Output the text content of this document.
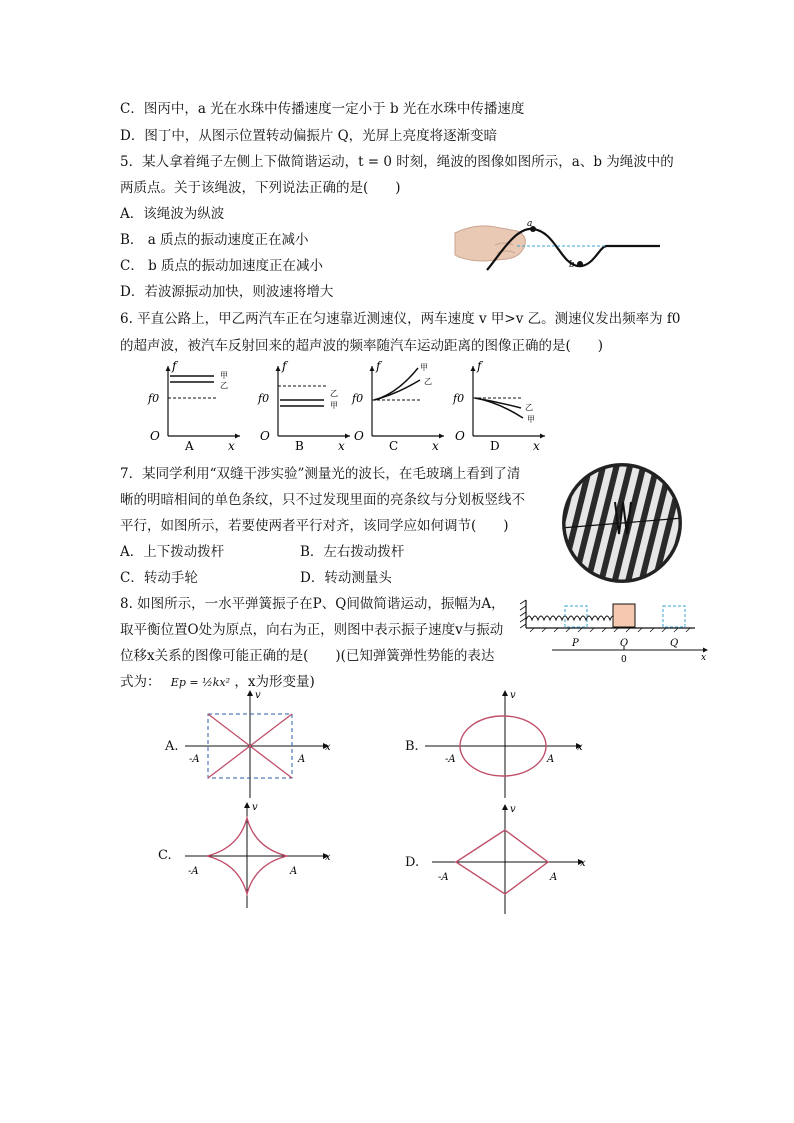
C．图丙中，a 光在水珠中传播速度一定小于 b 光在水珠中传播速度
D．图丁中，从图示位置转动偏振片 Q，光屏上亮度将逐渐变暗
5．某人拿着绳子左侧上下做简谐运动，t = 0 时刻，绳波的图像如图所示，a、b 为绳波中的
两质点。关于该绳波，下列说法正确的是(　　)
A．该绳波为纵波
B． a 质点的振动速度正在减小
C． b 质点的振动加速度正在减小
D．若波源振动加快，则波速将增大
a
b
6. 平直公路上，甲乙两汽车正在匀速靠近测速仪，两车速度 v 甲>v 乙。测速仪发出频率为 f0
的超声波，被汽车反射回来的超声波的频率随汽车运动距离的图像正确的是(　　)
甲
乙
f
f0
O
x
A
乙
甲
f
f0
O
x
B
甲
乙
f
f0
O
x
C
乙
甲
f
f0
O
x
D
7．某同学利用“双缝干涉实验”测量光的波长，在毛玻璃上看到了清
晰的明暗相间的单色条纹，只不过发现里面的亮条纹与分划板竖线不
平行，如图所示，若要使两者平行对齐，该同学应如何调节(　　)
A．上下拨动拨杆	B．左右拨动拨杆
C．转动手轮	D．转动测量头
8. 如图所示，一水平弹簧振子在P、Q间做简谐运动，振幅为A，
取平衡位置O处为原点，向右为正，则图中表示振子速度v与振动
位移x关系的图像可能正确的是(　　)(已知弹簧弹性势能的表达
式为： Ep = ½kx² ，x为形变量)
P	O	Q
0	x
A.
v
x
-A	A
B.
v
x
-A	A
C.
v
x
-A	A
D.
v
x
-A	A
